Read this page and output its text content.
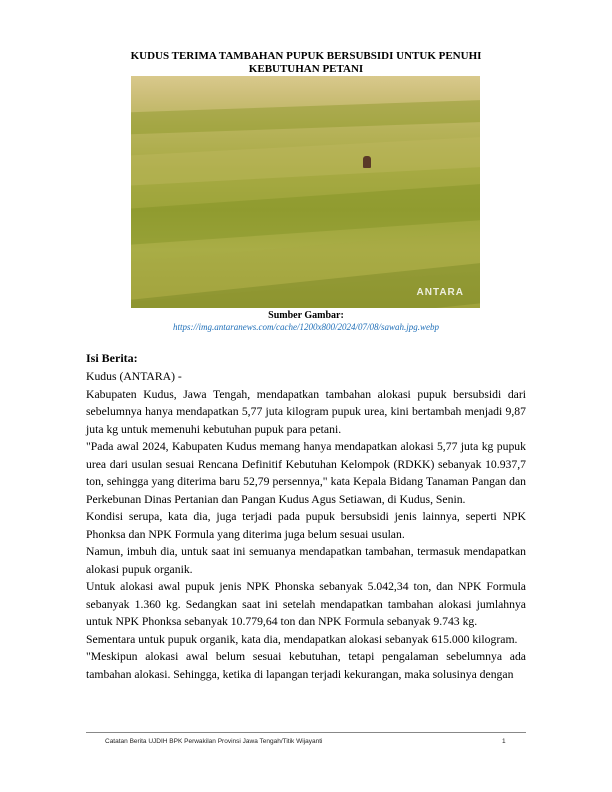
KUDUS TERIMA TAMBAHAN PUPUK BERSUBSIDI UNTUK PENUHI KEBUTUHAN PETANI
ANTARA
Sumber Gambar:
https://img.antaranews.com/cache/1200x800/2024/07/08/sawah.jpg.webp
Isi Berita:

Kudus (ANTARA) -

Kabupaten Kudus, Jawa Tengah, mendapatkan tambahan alokasi pupuk bersubsidi dari sebelumnya hanya mendapatkan 5,77 juta kilogram pupuk urea, kini bertambah menjadi 9,87 juta kg untuk memenuhi kebutuhan pupuk para petani.

"Pada awal 2024, Kabupaten Kudus memang hanya mendapatkan alokasi 5,77 juta kg pupuk urea dari usulan sesuai Rencana Definitif Kebutuhan Kelompok (RDKK) sebanyak 10.937,7 ton, sehingga yang diterima baru 52,79 persennya," kata Kepala Bidang Tanaman Pangan dan Perkebunan Dinas Pertanian dan Pangan Kudus Agus Setiawan, di Kudus, Senin.

Kondisi serupa, kata dia, juga terjadi pada pupuk bersubsidi jenis lainnya, seperti NPK Phonksa dan NPK Formula yang diterima juga belum sesuai usulan.

Namun, imbuh dia, untuk saat ini semuanya mendapatkan tambahan, termasuk mendapatkan alokasi pupuk organik.

Untuk alokasi awal pupuk jenis NPK Phonska sebanyak 5.042,34 ton, dan NPK Formula sebanyak 1.360 kg. Sedangkan saat ini setelah mendapatkan tambahan alokasi jumlahnya untuk NPK Phonksa sebanyak 10.779,64 ton dan NPK Formula sebanyak 9.743 kg.

Sementara untuk pupuk organik, kata dia, mendapatkan alokasi sebanyak 615.000 kilogram.

"Meskipun alokasi awal belum sesuai kebutuhan, tetapi pengalaman sebelumnya ada tambahan alokasi. Sehingga, ketika di lapangan terjadi kekurangan, maka solusinya dengan

Catatan Berita UJDIH BPK Perwakilan Provinsi Jawa Tengah/Titik Wijayanti	1
